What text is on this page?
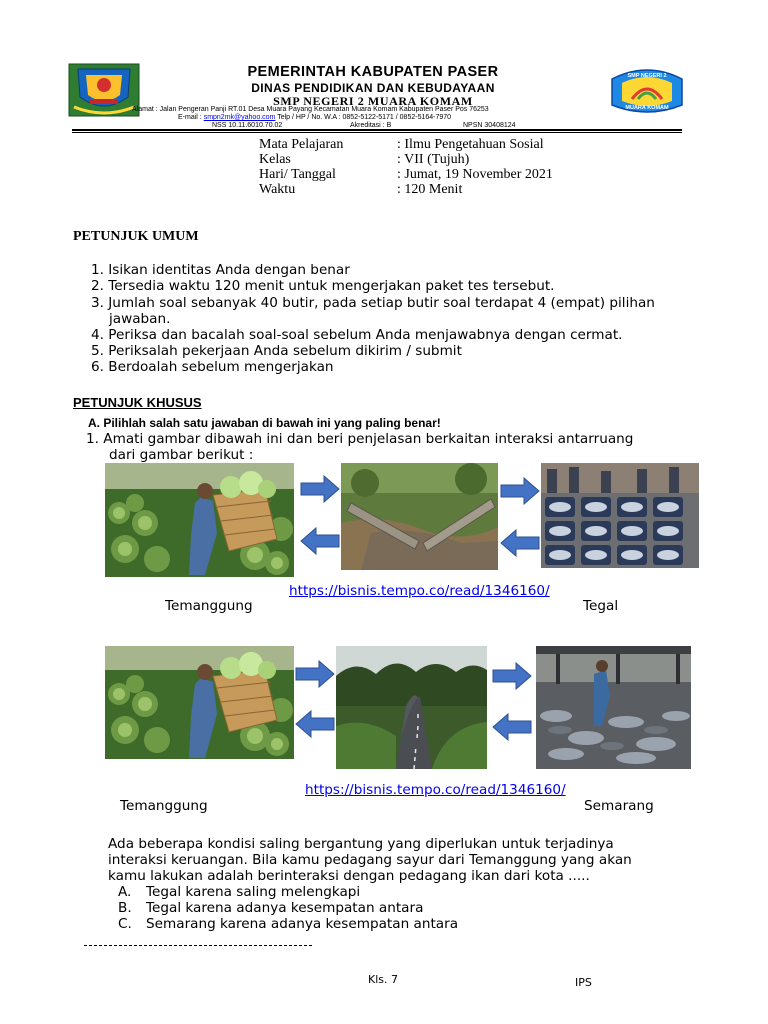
PEMERINTAH KABUPATEN PASER
DINAS PENDIDIKAN DAN KEBUDAYAAN
SMP NEGERI 2 MUARA KOMAM
Alamat : Jalan Pengeran Panji RT.01 Desa Muara Payang Kecamatan Muara Komam Kabupaten Paser Pos 76253
E-mail : smpn2mk@yahoo.com Telp / HP / No. W.A : 0852-5122-5171 / 0852-5164-7970
NSS 10.11.6010.70.02	Akreditasi : B	NPSN 30408124
SMP NEGERI 2
MUARA KOMAM
Mata Pelajaran	: Ilmu Pengetahuan Sosial
Kelas	: VII (Tujuh)
Hari/ Tanggal	: Jumat, 19 November 2021
Waktu	: 120 Menit
PETUNJUK UMUM
1. Isikan identitas Anda dengan benar
2. Tersedia waktu 120 menit untuk mengerjakan paket tes tersebut.
3. Jumlah soal sebanyak 40 butir, pada setiap butir soal terdapat 4 (empat) pilihan
jawaban.
4. Periksa dan bacalah soal-soal sebelum Anda menjawabnya dengan cermat.
5. Periksalah pekerjaan Anda sebelum dikirim / submit
6. Berdoalah sebelum mengerjakan
PETUNJUK KHUSUS
A. Pilihlah salah satu jawaban di bawah ini yang paling benar!
1. Amati gambar dibawah ini dan beri penjelasan berkaitan interaksi antarruang
dari gambar berikut :
https://bisnis.tempo.co/read/1346160/
Temanggung	Tegal
https://bisnis.tempo.co/read/1346160/
Temanggung	Semarang
Ada beberapa kondisi saling bergantung yang diperlukan untuk terjadinya
interaksi keruangan. Bila kamu pedagang sayur dari Temanggung yang akan
kamu lakukan adalah berinteraksi dengan pedagang ikan dari kota .....
A. Tegal karena saling melengkapi
B. Tegal karena adanya kesempatan antara
C. Semarang karena adanya kesempatan antara
Kls. 7	IPS
